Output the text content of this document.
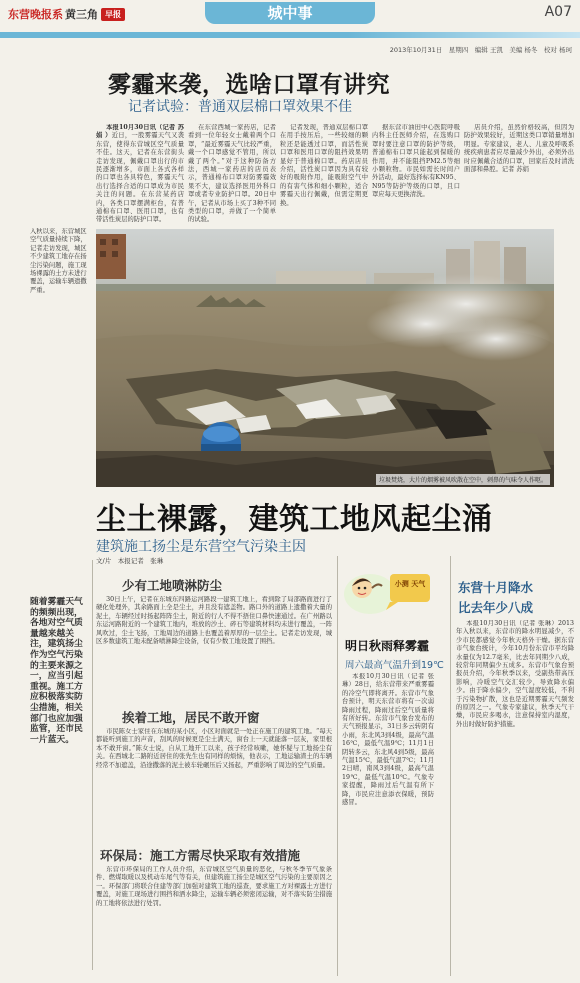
东营晚报系 黄三角 早报	城中事	A07
2013年10月31日　星期四　编辑 王凯　美编 杨冬　校对 杨珂
雾霾来袭，选啥口罩有讲究
记者试验：普通双层棉口罩效果不佳

本报10月30日讯（记者 苏娟 ）近日，一股雾霾天气又袭东营，使得东营城区空气质量不佳。这天，记者在东营街头走访发现，佩戴口罩出行的市民逐渐增多，市面上各式各样的口罩也各具特色，雾霾天气出行选择合适的口罩成为市民关注的问题。在东营某药店内，各类口罩摆满柜台，有普通棉布口罩、医用口罩，也有带活性炭层的防护口罩。

在东营西城一家药店，记者看到一位年轻女士戴着两个口罩，“最近雾霾天气比较严重，戴一个口罩感觉不管用，所以戴了两个。”对于这种防备方法，西城一家药店的店员表示，普通棉布口罩对防雾霾效果不大，建议选择医用外科口罩或者专业防护口罩。20日中午，记者从市场上买了3种不同类型的口罩，并做了一个简单的试验。

记者发现，普通双层棉口罩在用手按压后，一些较细的颗粒还是能透过口罩，而活性炭口罩和医用口罩的阻挡效果明显好于普通棉口罩。药店店员介绍，活性炭口罩因为具有较好的吸附作用，能吸附空气中的有害气体和细小颗粒，适合雾霾天出行佩戴，但需定期更换。

据东营市油田中心医院呼吸内科主任医师介绍，在选购口罩时要注意口罩的防护等级，普通棉布口罩只能起到保暖的作用，并不能阻挡PM2.5等细小颗粒物。市民如需长时间户外活动，最好选择标有KN95、N95等防护等级的口罩，且口罩应每天更换清洗。

店员介绍，虽然价格较高，但因为防护效果较好，近期这类口罩销量增加明显。专家建议，老人、儿童及呼吸系统疾病患者应尽量减少外出，必须外出时应佩戴合适的口罩，回家后及时清洗面部和鼻腔。记者 苏娟

垃圾焚烧，大片的烟雾被风吹散在空中，刺鼻的气味令人作呕。
入秋以来，东营城区空气质量持续下降，记者走访发现，城区不少建筑工地存在扬尘污染问题，施工现场裸露的土方未进行覆盖，运输车辆遗撒严重。
尘土裸露，建筑工地风起尘涌
建筑施工扬尘是东营空气污染主因
文/片　本报记者　张琳
随着雾霾天气的频频出现，各地对空气质量越来越关注，建筑扬尘作为空气污染的主要来源之一，应当引起重视。施工方应积极落实防尘措施，相关部门也应加强监管，还市民一片蓝天。
少有工地喷淋防尘

30日上午，记者在东城东四路运河路段一建筑工地上，看到除了局部路面进行了硬化处理外，其余路面上全是尘土，并且没有遮盖物。路口外的道路上遗撒着大量的泥土，车辆经过时扬起阵阵尘土，附近的行人不得不捂住口鼻快速通过。在广州路以东运河路附近的一个建筑工地内，堆放的沙土、碎石等建筑材料均未进行覆盖，一阵风吹过，尘土飞扬，工地周边的道路上也覆盖着厚厚的一层尘土。记者走访发现，城区多数建筑工地未配备喷淋降尘设备，仅有少数工地设置了围挡。

挨着工地，居民不敢开窗

市民陈女士家住在东城的某小区，小区对面就是一处正在施工的建筑工地。“每天都能听到施工的声音，刮风的时候更是尘土满天，窗台上一天就能落一层灰，家里根本不敢开窗。”陈女士说，自从工地开工以来，孩子经常咳嗽，她怀疑与工地扬尘有关。在西城北二路附近居住的张先生也有同样的烦恼，他表示，工地运输渣土的车辆经常不加遮盖，沿途撒落的泥土被车轮碾压后又扬起，严重影响了周边的空气质量。

环保局：施工方需尽快采取有效措施

东营市环保局的工作人员介绍，东营城区空气质量的恶化，与秋冬季节气象条件、燃煤取暖以及机动车尾气等有关，但建筑施工扬尘是城区空气污染的主要原因之一。环保部门将联合住建等部门加强对建筑工地的巡查，要求施工方对裸露土方进行覆盖，对施工现场进行围挡和洒水降尘，运输车辆必须密闭运输，对不落实防尘措施的工地将依法进行处罚。

小测 天气
明日秋雨释雾霾
周六最高气温升到19℃

本报10月30日讯（记者 张琳）28日，给东营带来严重雾霾的冷空气即将离开。东营市气象台预计，明天东营市将有一次弱降雨过程，降雨过后空气质量将有所好转。东营市气象台发布的天气预报显示，31日多云转阴有小雨，东北风3到4级，最高气温16℃，最低气温9℃；11月1日阴转多云，东北风4到5级，最高气温15℃，最低气温7℃；11月2日晴，南风3到4级，最高气温19℃，最低气温10℃。气象专家提醒，降雨过后气温有所下降，市民应注意添衣保暖，预防感冒。

东营十月降水
比去年少八成

本报10月30日讯（记者 张琳）2013年入秋以来，东营市的降水明显减少，不少市民都感觉今年秋天格外干燥。据东营市气象台统计，今年10月份东营市平均降水量仅为12.7毫米，比去年同期少八成，较常年同期偏少五成多。东营市气象台预报员介绍，今年秋季以来，受副热带高压影响，冷暖空气交汇较少，导致降水偏少。由于降水偏少，空气湿度较低，不利于污染物扩散，这也是近期雾霾天气频发的原因之一。气象专家建议，秋季天气干燥，市民应多喝水，注意保持室内湿度，外出时做好防护措施。
